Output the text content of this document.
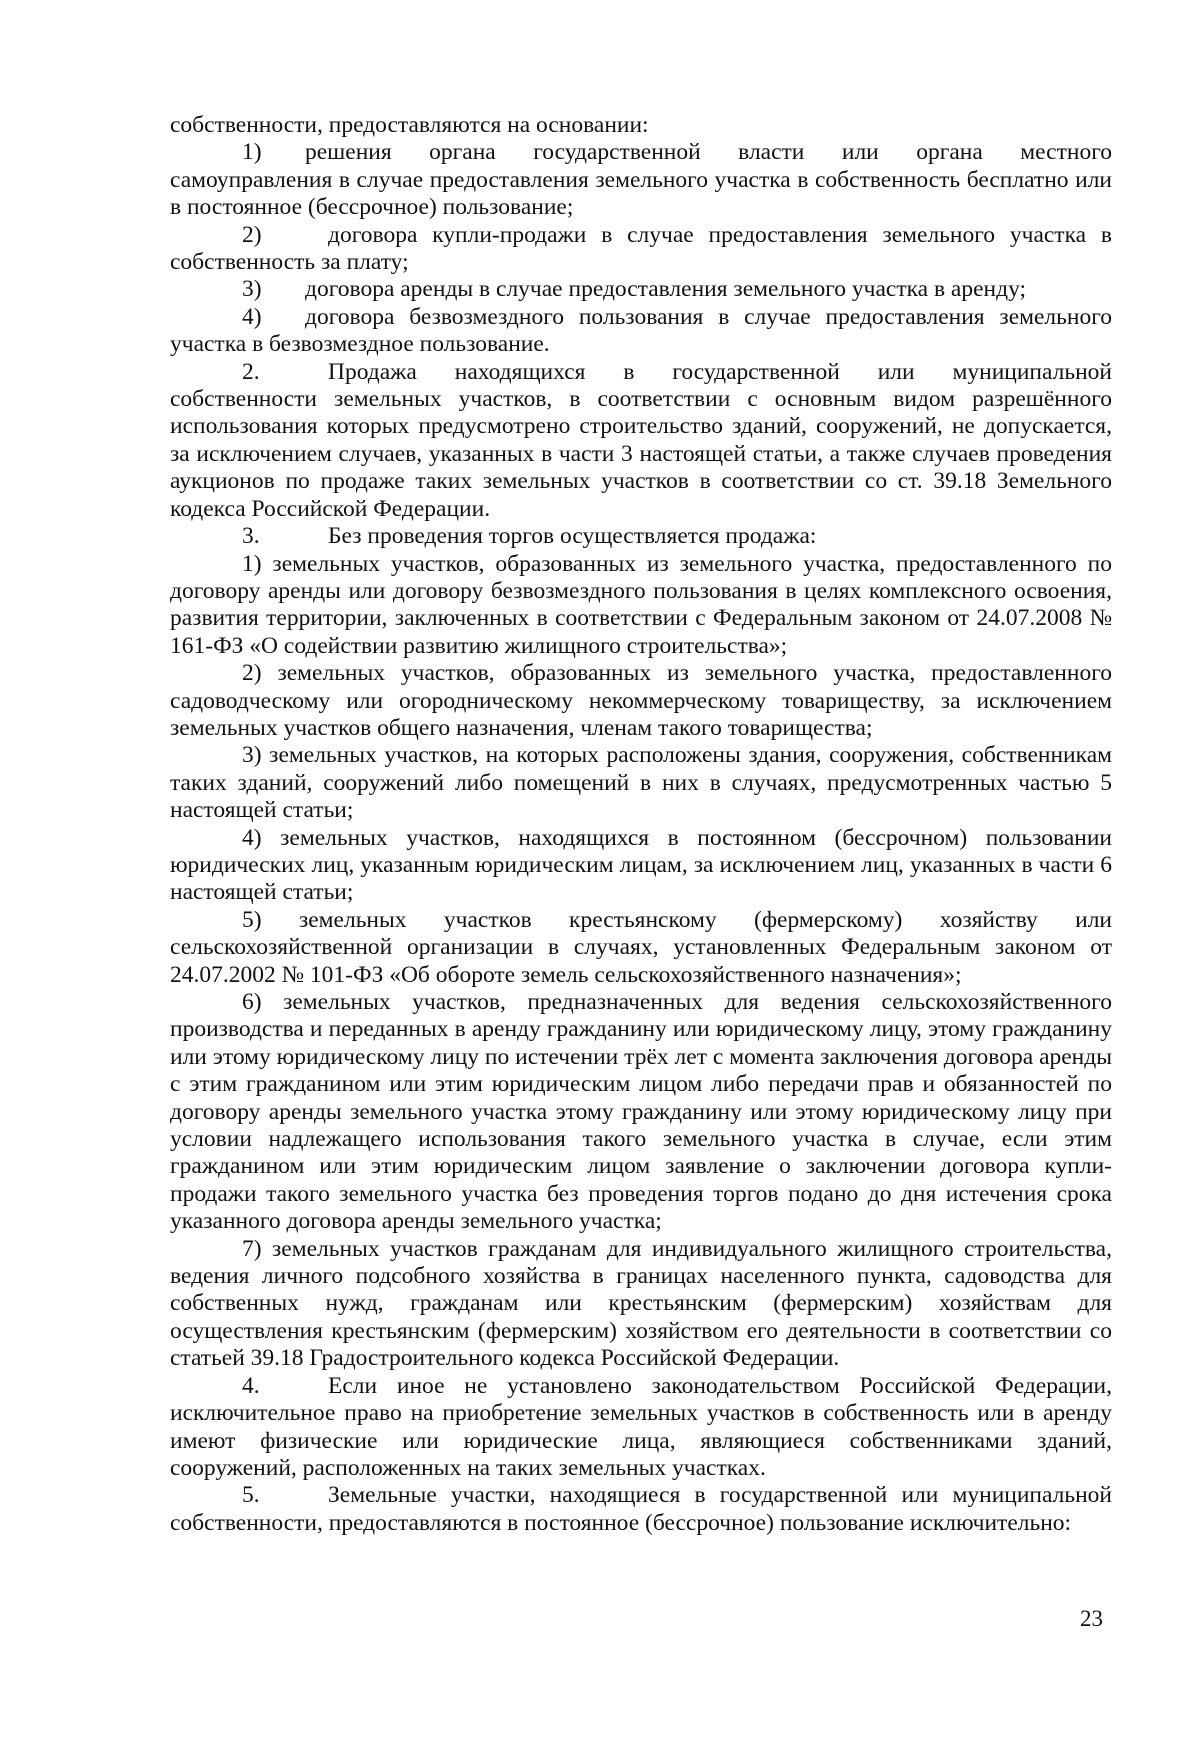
собственности, предоставляются на основании:

1)	решения органа государственной власти или органа местного

самоуправления в случае предоставления земельного участка в собственность бесплатно или в постоянное (бессрочное) пользование;

2)	договора купли-продажи в случае предоставления земельного участка в

собственность за плату;

3)	договора аренды в случае предоставления земельного участка в аренду;
4)	договора безвозмездного пользования в случае предоставления земельного

участка в безвозмездное пользование.

2.	Продажа находящихся в государственной или муниципальной

собственности земельных участков, в соответствии с основным видом разрешённого использования которых предусмотрено строительство зданий, сооружений, не допускается, за исключением случаев, указанных в части 3 настоящей статьи, а также случаев проведения аукционов по продаже таких земельных участков в соответствии со ст. 39.18 Земельного кодекса Российской Федерации.

3.	Без проведения торгов осуществляется продажа:

1) земельных участков, образованных из земельного участка, предоставленного по договору аренды или договору безвозмездного пользования в целях комплексного освоения, развития территории, заключенных в соответствии с Федеральным законом от 24.07.2008 № 161-ФЗ «О содействии развитию жилищного строительства»;

2) земельных участков, образованных из земельного участка, предоставленного садоводческому или огородническому некоммерческому товариществу, за исключением земельных участков общего назначения, членам такого товарищества;

3) земельных участков, на которых расположены здания, сооружения, собственникам таких зданий, сооружений либо помещений в них в случаях, предусмотренных частью 5 настоящей статьи;

4) земельных участков, находящихся в постоянном (бессрочном) пользовании юридических лиц, указанным юридическим лицам, за исключением лиц, указанных в части 6 настоящей статьи;

5) земельных участков крестьянскому (фермерскому) хозяйству или сельскохозяйственной организации в случаях, установленных Федеральным законом от 24.07.2002 № 101-ФЗ «Об обороте земель сельскохозяйственного назначения»;

6) земельных участков, предназначенных для ведения сельскохозяйственного производства и переданных в аренду гражданину или юридическому лицу, этому гражданину или этому юридическому лицу по истечении трёх лет с момента заключения договора аренды с этим гражданином или этим юридическим лицом либо передачи прав и обязанностей по договору аренды земельного участка этому гражданину или этому юридическому лицу при условии надлежащего использования такого земельного участка в случае, если этим гражданином или этим юридическим лицом заявление о заключении договора купли-продажи такого земельного участка без проведения торгов подано до дня истечения срока указанного договора аренды земельного участка;

7) земельных участков гражданам для индивидуального жилищного строительства, ведения личного подсобного хозяйства в границах населенного пункта, садоводства для собственных нужд, гражданам или крестьянским (фермерским) хозяйствам для осуществления крестьянским (фермерским) хозяйством его деятельности в соответствии со статьей 39.18 Градостроительного кодекса Российской Федерации.

4.	Если иное не установлено законодательством Российской Федерации,

исключительное право на приобретение земельных участков в собственность или в аренду имеют физические или юридические лица, являющиеся собственниками зданий, сооружений, расположенных на таких земельных участках.

5.	Земельные участки, находящиеся в государственной или муниципальной

собственности, предоставляются в постоянное (бессрочное) пользование исключительно:

23
